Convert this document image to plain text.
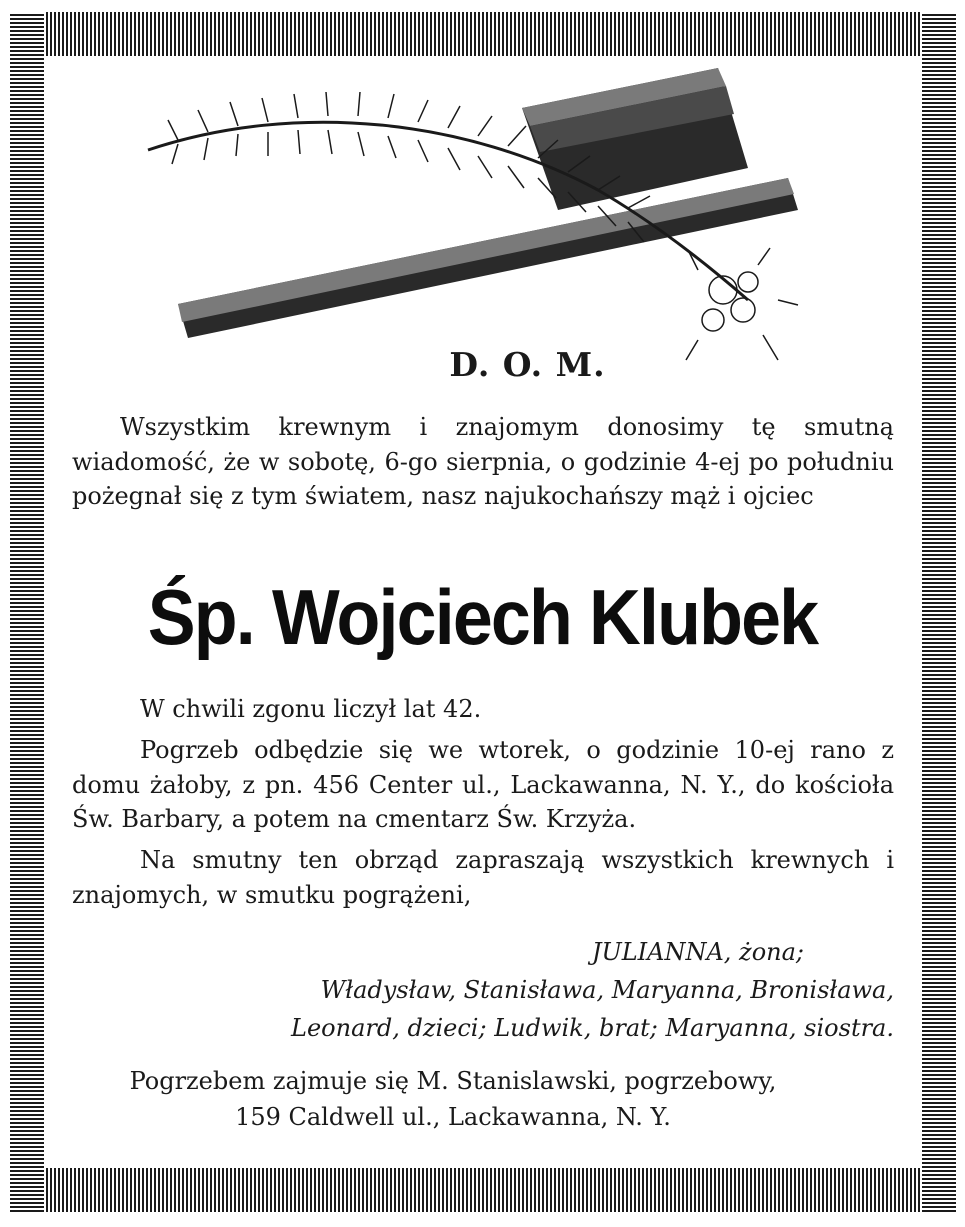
D. O. M.

Wszystkim krewnym i znajomym donosimy tę smutną wiadomość, że w sobotę, 6-go sierpnia, o godzinie 4-ej po południu pożegnał się z tym światem, nasz najukochańszy mąż i ojciec

Śp. Wojciech Klubek

W chwili zgonu liczył lat 42.

Pogrzeb odbędzie się we wtorek, o godzinie 10-ej rano z domu żałoby, z pn. 456 Center ul., Lackawanna, N. Y., do kościoła Św. Barbary, a potem na cmentarz Św. Krzyża.

Na smutny ten obrząd zapraszają wszystkich krewnych i znajomych, w smutku pogrążeni,

JULIANNA, żona;
Władysław, Stanisława, Maryanna, Bronisława,
Leonard, dzieci; Ludwik, brat; Maryanna, siostra.
Pogrzebem zajmuje się M. Stanislawski, pogrzebowy,
159 Caldwell ul., Lackawanna, N. Y.
